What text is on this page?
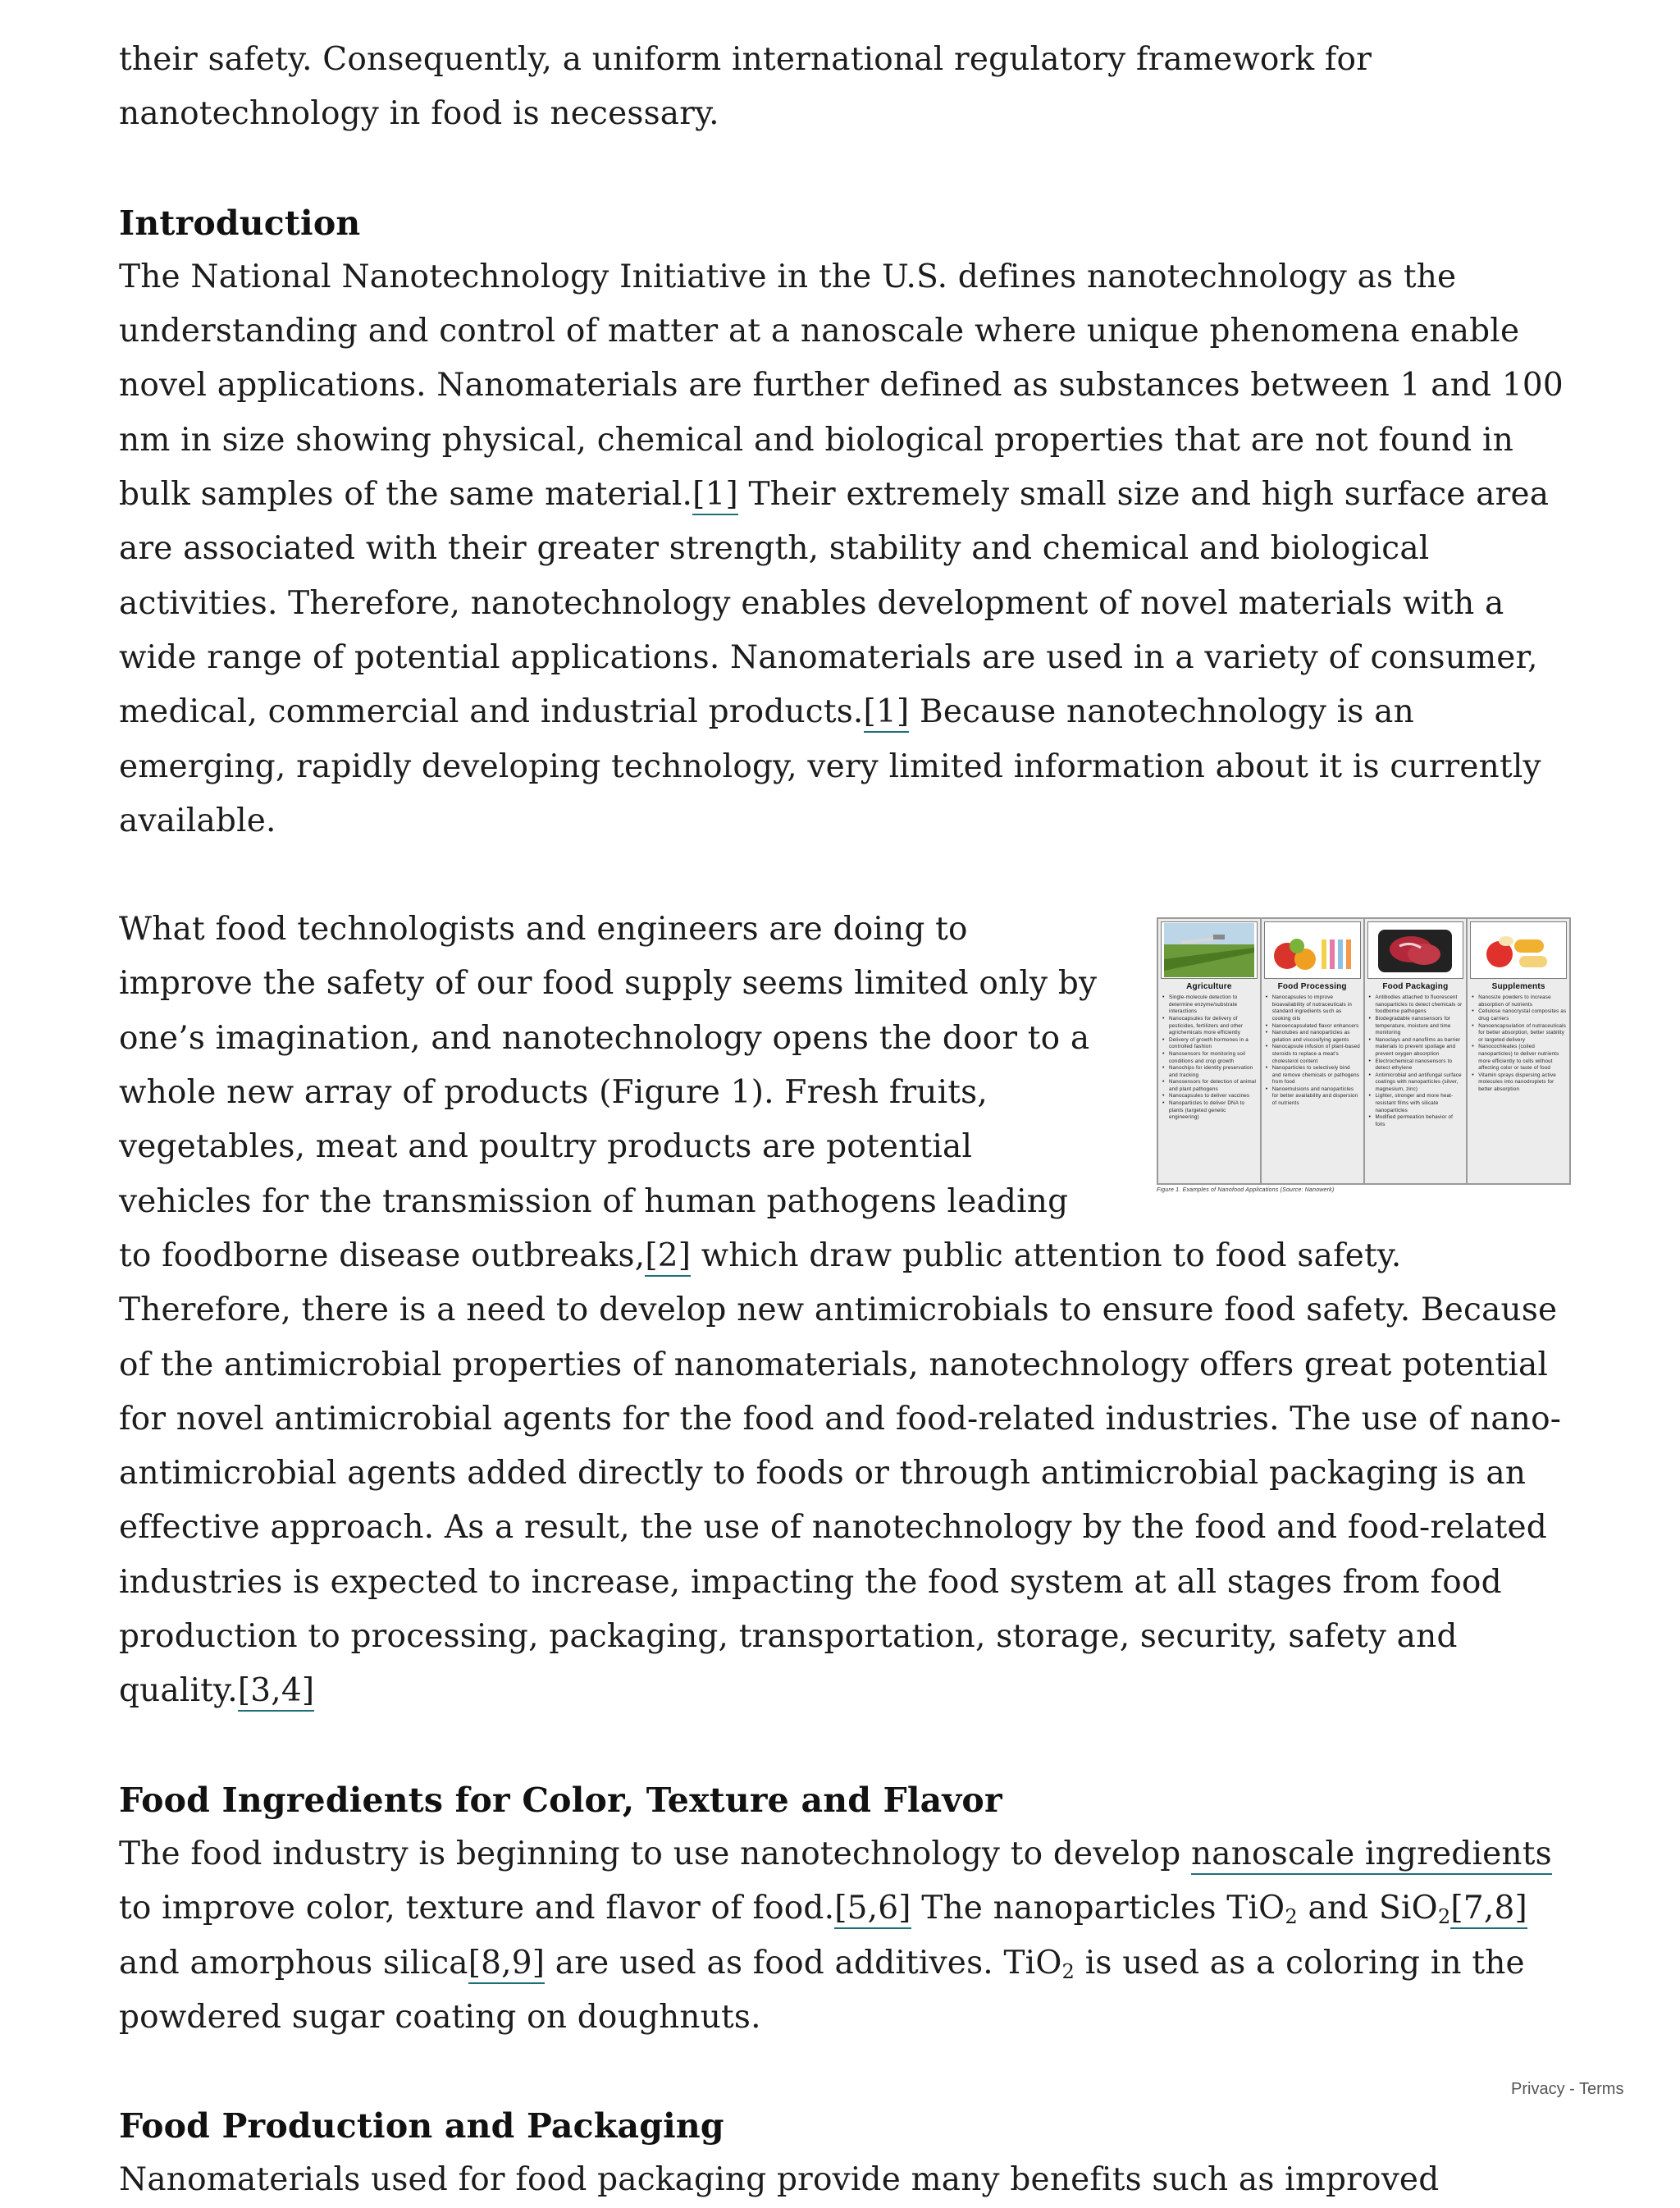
their safety. Consequently, a uniform international regulatory framework for nanotechnology in food is necessary.

Introduction

The National Nanotechnology Initiative in the U.S. defines nanotechnology as the understanding and control of matter at a nanoscale where unique phenomena enable novel applications. Nanomaterials are further defined as substances between 1 and 100 nm in size showing physical, chemical and biological properties that are not found in bulk samples of the same material.[1] Their extremely small size and high surface area are associated with their greater strength, stability and chemical and biological activities. Therefore, nanotechnology enables development of novel materials with a wide range of potential applications. Nanomaterials are used in a variety of consumer, medical, commercial and industrial products.[1] Because nanotechnology is an emerging, rapidly developing technology, very limited information about it is currently available.

Agriculture
• Single-molecule detection to determine enzyme/substrate interactions
• Nanocapsules for delivery of pesticides, fertilizers and other agrichemicals more efficiently
• Delivery of growth hormones in a controlled fashion
• Nanosensors for monitoring soil conditions and crop growth
• Nanochips for identity preservation and tracking
• Nanosensors for detection of animal and plant pathogens
• Nanocapsules to deliver vaccines
• Nanoparticles to deliver DNA to plants (targeted genetic engineering)
Food Processing
• Nanocapsules to improve bioavailability of nutraceuticals in standard ingredients such as cooking oils
• Nanoencapsulated flavor enhancers
• Nanotubes and nanoparticles as gelation and viscosifying agents
• Nanocapsule infusion of plant-based steroids to replace a meat’s cholesterol content
• Nanoparticles to selectively bind and remove chemicals or pathogens from food
• Nanoemulsions and nanoparticles for better availability and dispersion of nutrients
Food Packaging
• Antibodies attached to fluorescent nanoparticles to detect chemicals or foodborne pathogens
• Biodegradable nanosensors for temperature, moisture and time monitoring
• Nanoclays and nanofilms as barrier materials to prevent spoilage and prevent oxygen absorption
• Electrochemical nanosensors to detect ethylene
• Antimicrobial and antifungal surface coatings with nanoparticles (silver, magnesium, zinc)
• Lighter, stronger and more heat-resistant films with silicate nanoparticles
• Modified permeation behavior of foils
Supplements
• Nanosize powders to increase absorption of nutrients
• Cellulose nanocrystal composites as drug carriers
• Nanoencapsulation of nutraceuticals for better absorption, better stability or targeted delivery
• Nanocochleates (coiled nanoparticles) to deliver nutrients more efficiently to cells without affecting color or taste of food
• Vitamin sprays dispersing active molecules into nanodroplets for better absorption
Figure 1. Examples of Nanofood Applications (Source: Nanowerk)

What food technologists and engineers are doing to improve the safety of our food supply seems limited only by one’s imagination, and nanotechnology opens the door to a whole new array of products (Figure 1). Fresh fruits, vegetables, meat and poultry products are potential vehicles for the transmission of human pathogens leading to foodborne disease outbreaks,[2] which draw public attention to food safety. Therefore, there is a need to develop new antimicrobials to ensure food safety. Because of the antimicrobial properties of nanomaterials, nanotechnology offers great potential for novel antimicrobial agents for the food and food-related industries. The use of nano-antimicrobial agents added directly to foods or through antimicrobial packaging is an effective approach. As a result, the use of nanotechnology by the food and food-related industries is expected to increase, impacting the food system at all stages from food production to processing, packaging, transportation, storage, security, safety and quality.[3,4]

Food Ingredients for Color, Texture and Flavor

The food industry is beginning to use nanotechnology to develop nanoscale ingredients to improve color, texture and flavor of food.[5,6] The nanoparticles TiO$_2$ and SiO$_2$[7,8] and amorphous silica[8,9] are used as food additives. TiO$_2$ is used as a coloring in the powdered sugar coating on doughnuts.

Food Production and Packaging

Nanomaterials used for food packaging provide many benefits such as improved

Privacy - Terms
